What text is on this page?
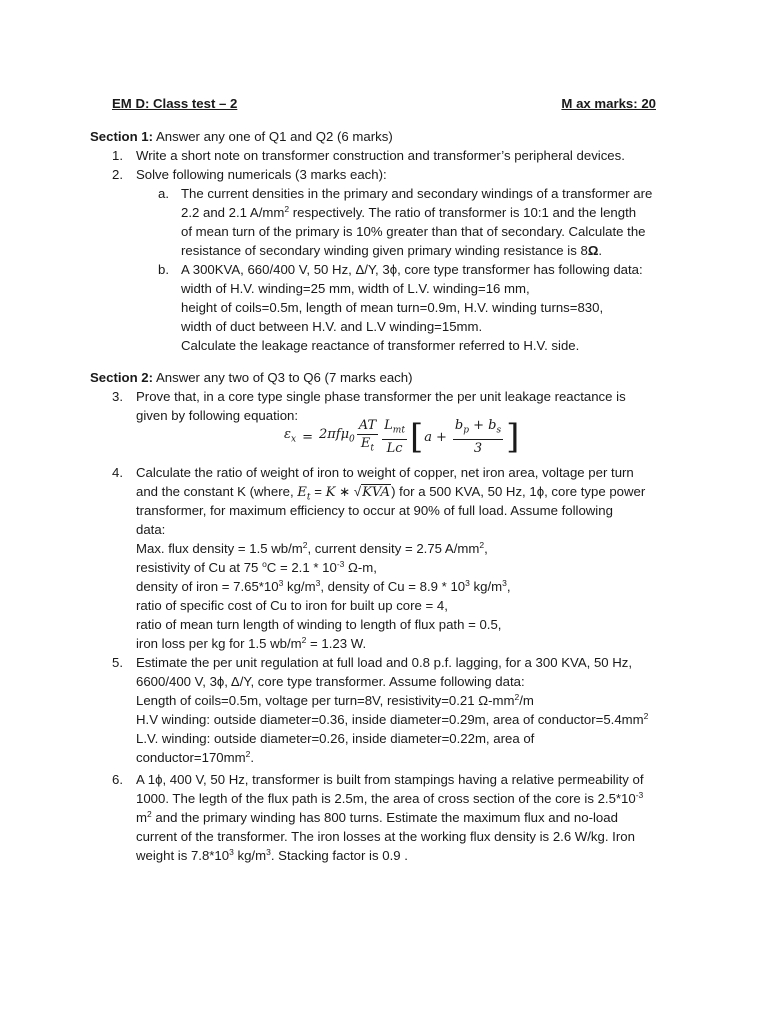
EM D: Class test – 2	M ax marks: 20
Section 1: Answer any one of Q1 and Q2 (6 marks)
1. Write a short note on transformer construction and transformer’s peripheral devices.
2. Solve following numericals (3 marks each):
a. The current densities in the primary and secondary windings of a transformer are
2.2 and 2.1 $A/mm^2$ respectively. The ratio of transformer is 10:1 and the length
of mean turn of the primary is 10% greater than that of secondary. Calculate the
resistance of secondary winding given primary winding resistance is 8Ω.
b. A 300KVA, 660/400 V, 50 Hz, Δ/Y, 3ϕ, core type transformer has following data:
width of H.V. winding=25 mm, width of L.V. winding=16 mm,
height of coils=0.5m, length of mean turn=0.9m, H.V. winding turns=830,
width of duct between H.V. and L.V winding=15mm.
Calculate the leakage reactance of transformer referred to H.V. side.
Section 2: Answer any two of Q3 to Q6 (7 marks each)
3. Prove that, in a core type single phase transformer the per unit leakage reactance is
given by following equation:
$\varepsilon_x = 2\pi f\mu_0 \frac{AT}{E_t} \frac{L_{mt}}{Lc}$ [ $a + \frac{b_p + b_s}{3}$ ]
4. Calculate the ratio of weight of iron to weight of copper, net iron area, voltage per turn
and the constant K (where, $E_t = K$ ∗ √KVA) for a 500 KVA, 50 Hz, 1ϕ, core type power
transformer, for maximum efficiency to occur at 90% of full load. Assume following
data:
Max. flux density = 1.5 $wb/m^2$, current density = 2.75 $A/mm^2$,
resistivity of Cu at 75 $^oC = 2.1 * 10^{-3}$ Ω-m,
density of iron = $7.65*10^3$ $kg/m^3$, density of $Cu = 8.9 * 10^3$ $kg/m^3$,
ratio of specific cost of Cu to iron for built up core = 4,
ratio of mean turn length of winding to length of flux path = 0.5,
iron loss per kg for 1.5 $wb/m^2 = 1.23$ W.
5. Estimate the per unit regulation at full load and 0.8 p.f. lagging, for a 300 KVA, 50 Hz,
6600/400 V, 3ϕ, Δ/Y, core type transformer. Assume following data:
Length of coils=0.5m, voltage per turn=8V, resistivity=0.21 $\Omega-mm^2/m$
H.V winding: outside diameter=0.36, inside diameter=0.29m, area of $conductor=5.4mm^2$
L.V. winding: outside diameter=0.26, inside diameter=0.22m, area of
$conductor=170mm^2$.
6. A 1ϕ, 400 V, 50 Hz, transformer is built from stampings having a relative permeability of
1000. The legth of the flux path is 2.5m, the area of cross section of the core is $2.5*10^{-3}$
$m^2$ and the primary winding has 800 turns. Estimate the maximum flux and no-load
current of the transformer. The iron losses at the working flux density is 2.6 W/kg. Iron
weight is $7.8*10^3$ $kg/m^3$. Stacking factor is 0.9 .
